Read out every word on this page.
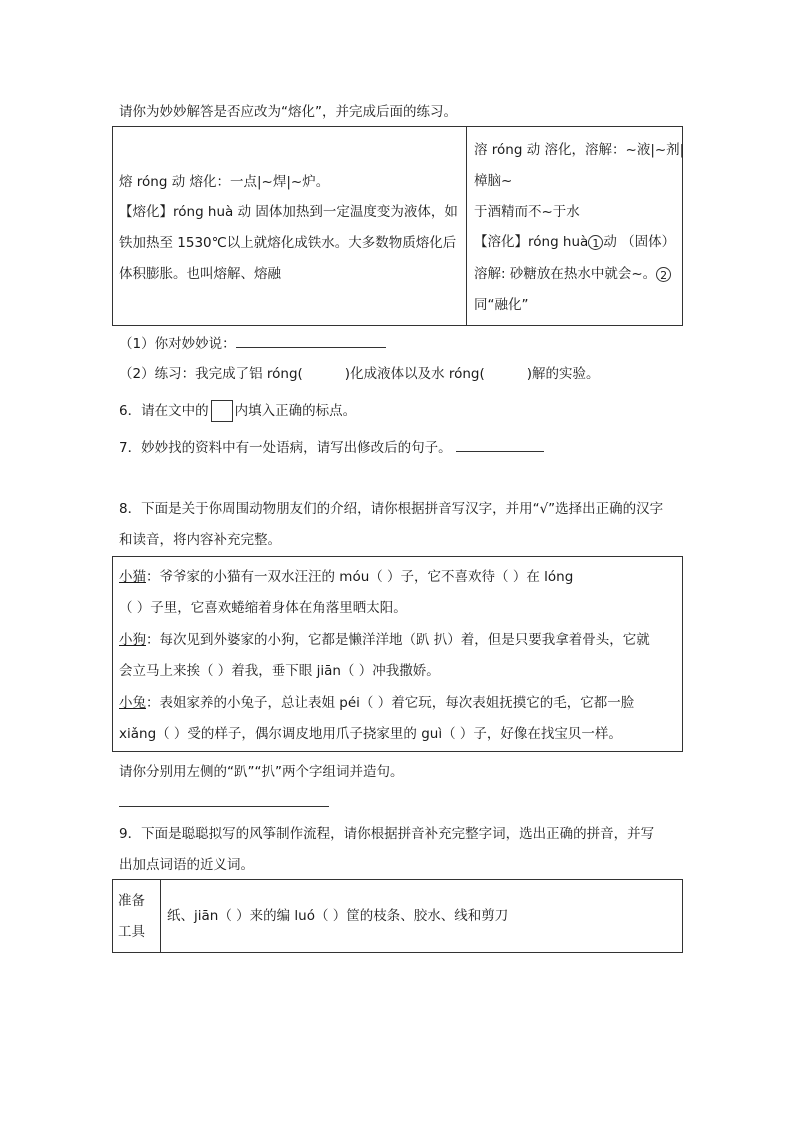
请你为妙妙解答是否应改为“熔化”，并完成后面的练习。
熔 róng 动 熔化：一点|~焊|~炉。
【熔化】róng huà 动 固体加热到一定温度变为液体，如
铁加热至 1530℃以上就熔化成铁水。大多数物质熔化后
体积膨胀。也叫熔解、熔融
溶 róng 动 溶化，溶解：~液|~剂|
樟脑~
于酒精而不~于水
【溶化】róng huà 1 动 （固体）
溶解: 砂糖放在热水中就会~。 2
同“融化”
（1）你对妙妙说：
（2）练习：我完成了铝 róng(	)化成液体以及水 róng(	)解的实验。
6．请在文中的 内填入正确的标点。
7．妙妙找的资料中有一处语病，请写出修改后的句子。
8．下面是关于你周围动物朋友们的介绍，请你根据拼音写汉字，并用“√”选择出正确的汉字
和读音，将内容补充完整。
小猫：爷爷家的小猫有一双水汪汪的 móu（ ）子，它不喜欢待（ ）在 lóng
（ ）子里，它喜欢蜷缩着身体在角落里晒太阳。
小狗：每次见到外婆家的小狗，它都是懒洋洋地（趴 扒）着，但是只要我拿着骨头，它就
会立马上来挨（ ）着我，垂下眼 jiān（ ）冲我撒娇。
小兔：表姐家养的小兔子，总让表姐 péi（ ）着它玩，每次表姐抚摸它的毛，它都一脸
xiǎng（ ）受的样子，偶尔调皮地用爪子挠家里的 guì（ ）子，好像在找宝贝一样。
请你分别用左侧的“趴”“扒”两个字组词并造句。
9．下面是聪聪拟写的风筝制作流程，请你根据拼音补充完整字词，选出正确的拼音，并写
出加点词语的近义词。
准备
工具
纸、jiān（ ）来的编 luó（ ）筐的枝条、胶水、线和剪刀
